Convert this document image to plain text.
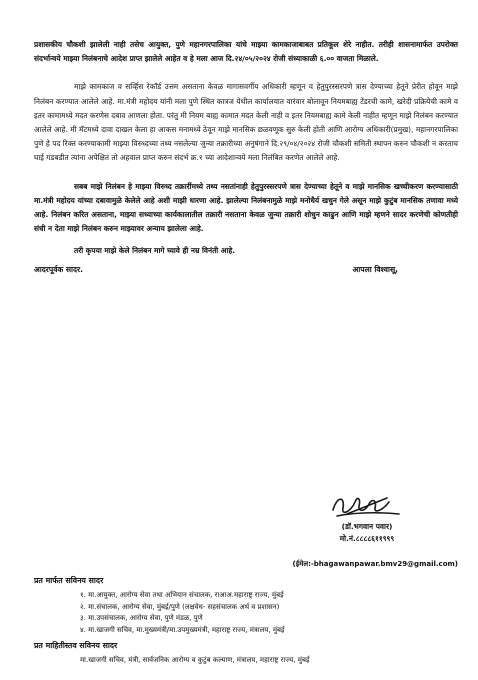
प्रशासकीय चौकशी झालेली नाही तसेच आयुक्त, पुणे महानगरपालिका यांचे माझ्या कामकाजाबाबत प्रतिकूल शेरे नाहीत. तरीही शासनामार्फत उपरोक्त संदर्भान्वये माझ्या निलंबनाचे आदेश प्राप्त झालेले आहेत व हे मला आज दि.२४/०५/२०२४ रोजी संध्याकाळी ६.०० वाजता मिळाले.

माझे कामकाज व सर्व्हिस रेकॉर्ड उत्तम असताना केवळ मागासवर्गीय अधिकारी म्हणून व हेतुपुरस्सरपणे त्रास देण्याच्या हेतूने प्रेरीत होवून माझे निलंबन करण्यात आलेले आहे. मा.मंत्री महोदय यांनी मला पुणे स्थित कात्रज येथील कार्यालयात वारंवार बोलावून नियमबाह्य टेंडरची कामे, खरेदी प्रक्रियेची कामे व इतर कामामध्ये मदत करणेस दबाव आणला होता. परंतु मी नियम बाह्य कामात मदत केली नाही व इतर नियमबाह्य कामे केली नाहीत म्हणून माझे निलंबन करण्यात आलेले आहे. मी मॅटमध्ये दावा दाखल केला हा आकस मनामध्ये ठेवून माझे मानसिक छळवणूक सुरु केली होती आणि आरोग्य अधिकारी(प्रमुख), महानगरपालिका पुणे हे पद रिक्त करण्याकामी माझ्या विरुध्दच्या तथ्य नसलेल्या जुन्या तक्रारीच्या अनुषंगाने दि.२९/०४/२०२४ रोजी चौकशी समिती स्थापन करुन चौकशी न करताच घाई गडबडीत त्यांना अपेक्षित तो अहवाल प्राप्त करुन संदर्भ क्र.१ च्या आदेशान्वये मला निलंबित करणेत आलेले आहे.

सबब माझे निलंबन हे माझ्या विरुध्द तक्रारींमध्ये तथ्य नसतांनाही हेतुपुरस्सरपणे त्रास देण्याच्या हेतूने व माझे मानसिक खच्चीकरण करण्यासाठी मा.मंत्री महोदय यांच्या दबावामुळे केलेले आहे अशी माझी धारणा आहे. झालेल्या निलंबनामुळे माझे मनोधैर्य खचुन गेले असून माझे कुटुंब मानसिक तणावा मध्ये आहे. निलंबन करित असताना, माझ्या सध्याच्या कार्यकालातील तक्रारी नसताना केवळ जुन्या तक्रारी शोधुन काढुन आणि माझे म्हणने सादर करणेची कोणतीही संधी न देता माझे निलंबन करुन माझ्यावर अन्याय झालेला आहे.

तरी कृपया माझे केले निलंबन मागे घ्यावे ही नम्र विनंती आहे.

आदरपूर्वक सादर.	आपला विश्वासू,
(डॉ.भगवान पवार)
मो.नं.८८८८६११९९९
(ईमेल:-bhagawanpawar.bmv29@gmail.com)

प्रत मार्फत सविनय सादर

१. मा.आयुक्त, आरोग्य सेवा तथा अभियान संचालक, राआअ.महाराष्ट्र राज्य, मुंबई
२. मा.संचालक, आरोग्य सेवा, मुंबई/पुणे (लक्षवेध- सहसंचालक अर्थ व प्रशासन)
३. मा.उपसंचालक, आरोग्य सेवा, पुणे मंडळ, पुणे
४. मा.खाजगी सचिव, मा.मुख्यमंत्री/मा.उपमुख्यमंत्री, महाराष्ट्र राज्य, मंत्रालय, मुंबई

प्रत माहितीस्तव सविनय सादर

मा.खाजगी सचिव, मंत्री, सार्वजनिक आरोग्य व कुटुंब कल्याण, मंत्रालय, महाराष्ट्र राज्य, मुंबई
